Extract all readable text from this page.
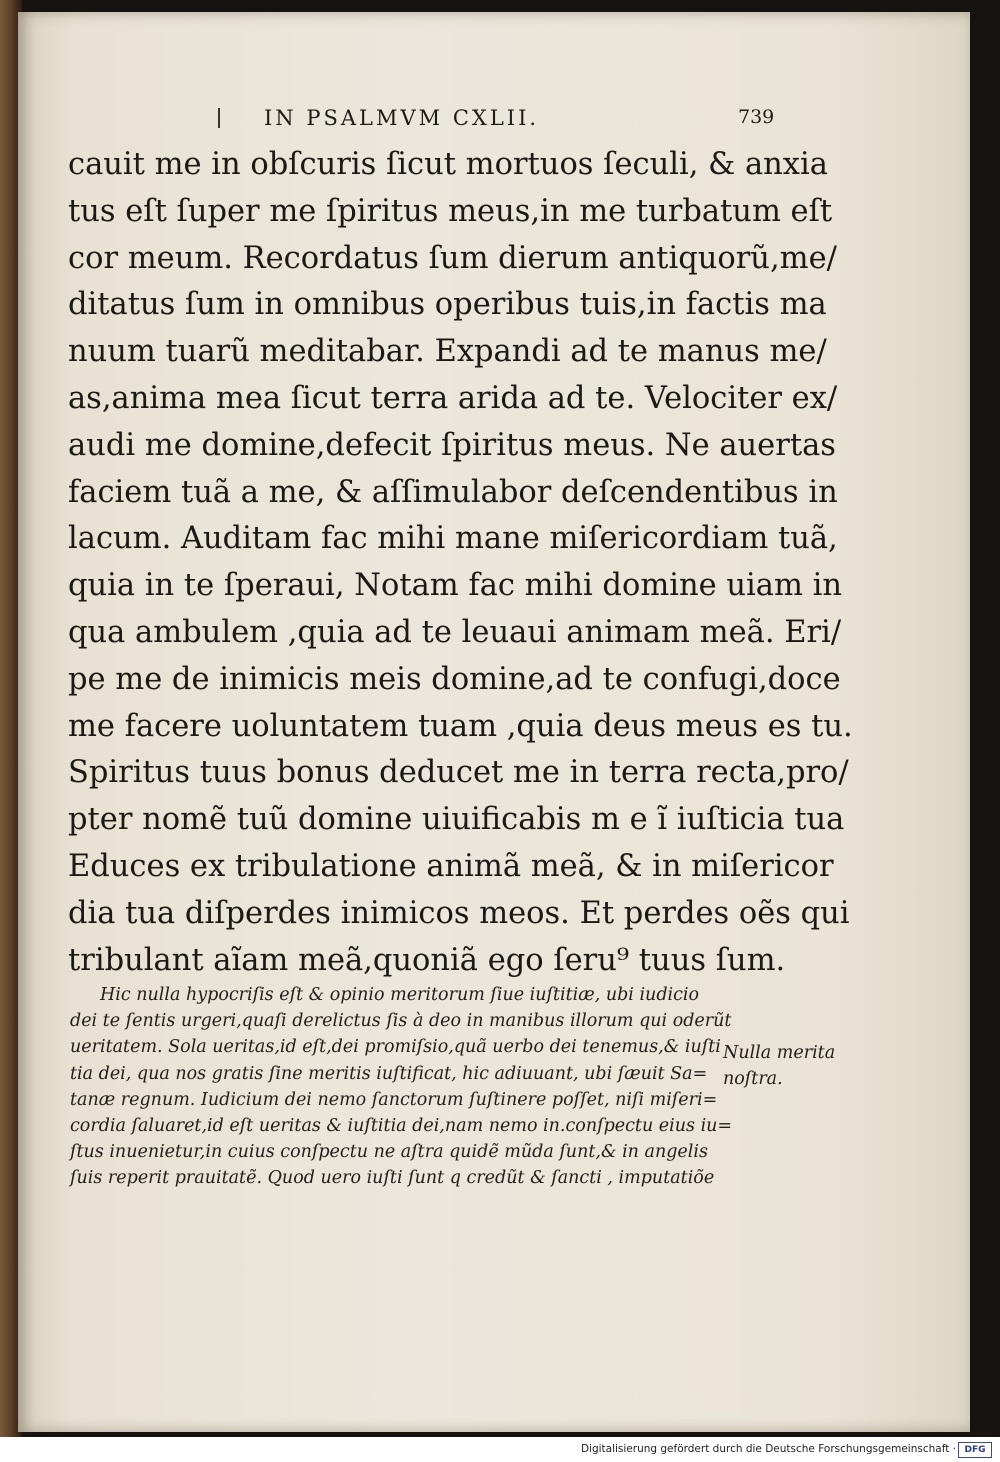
IN PSALMVM CXLII.	739
cauit me in obſcuris ſicut mortuos ſeculi, & anxia
tus eſt ſuper me ſpiritus meus,in me turbatum eſt
cor meum. Recordatus ſum dierum antiquorũ,me/
ditatus ſum in omnibus operibus tuis,in factis ma
nuum tuarũ meditabar. Expandi ad te manus me/
as,anima mea ſicut terra arida ad te. Velociter ex/
audi me domine,defecit ſpiritus meus. Ne auertas
faciem tuã a me, & aſſimulabor deſcendentibus in
lacum. Auditam fac mihi mane miſericordiam tuã,
quia in te ſperaui, Notam fac mihi domine uiam in
qua ambulem ,quia ad te leuaui animam meã. Eri/
pe me de inimicis meis domine,ad te confugi,doce
me facere uoluntatem tuam ,quia deus meus es tu.
Spiritus tuus bonus deducet me in terra recta,pro/
pter nomẽ tuũ domine uiuificabis m e ĩ iuſticia tua
Educes ex tribulatione animã meã, & in miſericor
dia tua diſperdes inimicos meos. Et perdes oẽs qui
tribulant aĩam meã,quoniã ego ſeru⁹ tuus ſum.
Hic nulla hypocriſis eſt & opinio meritorum ſiue iuſtitiæ, ubi iudicio
dei te ſentis urgeri,quaſi derelictus ſis à deo in manibus illorum qui oderũt
ueritatem. Sola ueritas,id eſt,dei promiſsio,quã uerbo dei tenemus,& iuſti
tia dei, qua nos gratis ſine meritis iuſtificat, hic adiuuant, ubi ſæuit Sa=
tanæ regnum. Iudicium dei nemo ſanctorum ſuſtinere poſſet, niſi miſeri=
cordia ſaluaret,id eſt ueritas & iuſtitia dei,nam nemo in.conſpectu eius iu=
ſtus inuenietur,in cuius conſpectu ne aſtra quidẽ mũda ſunt,& in angelis
ſuis reperit prauitatẽ. Quod uero iuſti ſunt q credũt & ſancti , imputatiõe
Nulla merita
noſtra.
Digitalisierung gefördert durch die Deutsche Forschungsgemeinschaft · DFG
